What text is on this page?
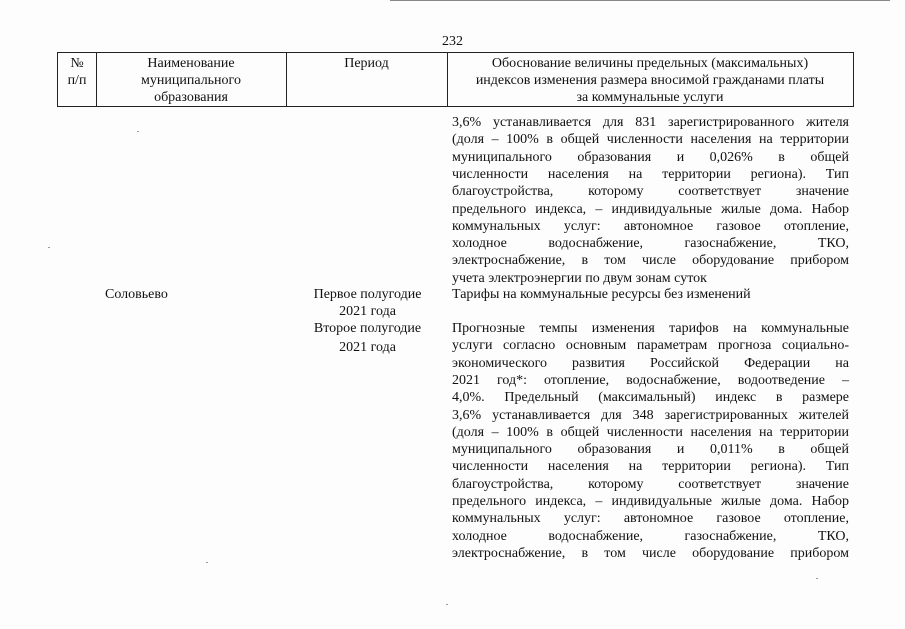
232
№
п/п
Наименование
муниципального
образования
Период	Обоснование величины предельных (максимальных)
индексов изменения размера вносимой гражданами платы
за коммунальные услуги
3,6% устанавливается для 831 зарегистрированного жителя
(доля – 100% в общей численности населения на территории
муниципального образования и 0,026% в общей
численности населения на территории региона). Тип
благоустройства, которому соответствует значение
предельного индекса, – индивидуальные жилые дома. Набор
коммунальных услуг: автономное газовое отопление,
холодное водоснабжение, газоснабжение, ТКО,
электроснабжение, в том числе оборудование прибором
учета электроэнергии по двум зонам суток
Соловьево	Первое полугодие
2021 года
Тарифы на коммунальные ресурсы без изменений
Второе полугодие
2021 года
Прогнозные темпы изменения тарифов на коммунальные
услуги согласно основным параметрам прогноза социально-
экономического развития Российской Федерации на
2021 год*: отопление, водоснабжение, водоотведение –
4,0%. Предельный (максимальный) индекс в размере
3,6% устанавливается для 348 зарегистрированных жителей
(доля – 100% в общей численности населения на территории
муниципального образования и 0,011% в общей
численности населения на территории региона). Тип
благоустройства, которому соответствует значение
предельного индекса, – индивидуальные жилые дома. Набор
коммунальных услуг: автономное газовое отопление,
холодное водоснабжение, газоснабжение, ТКО,
электроснабжение, в том числе оборудование прибором
